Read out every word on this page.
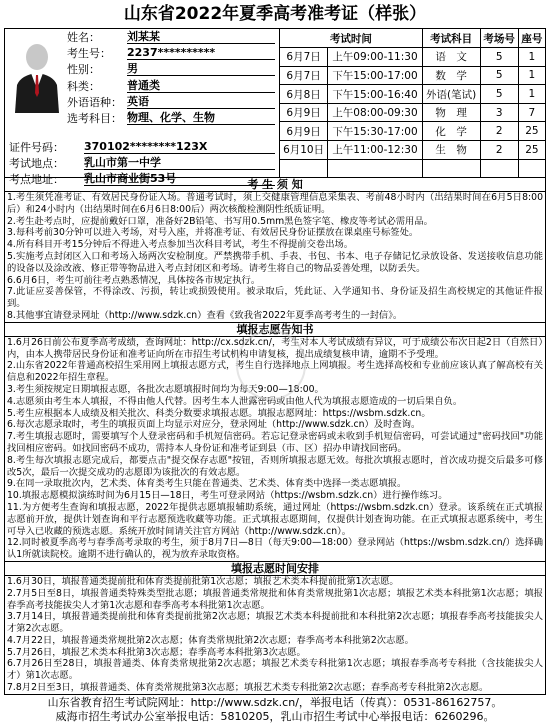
山东省2022年夏季高考准考证（样张）
姓名：	刘某某
考生号：	2237**********
性别：	男
科类：	普通类
外语语种： 英语
选考科目： 物理、化学、生物
证件号码：	370102********123X
考试地点：	乳山市第一中学
考点地址：	乳山市商业街53号
考试时间		考试科目	考场号	座号
6月7日	上午09:00-11:30	语　文	5	1
6月7日	下午15:00-17:00	数　学	5	1
6月8日	下午15:00-16:40	外语(笔试)	5	1
6月9日	上午08:00-09:30	物　理	3	7
6月9日	下午15:30-17:00	化　学	2	25
6月10日	上午11:00-12:30	生　物	2	25

考 生 须 知

1.考生须凭准考证、有效居民身份证入场。普通考试时，须上交健康管理信息采集表、考前48小时内（出结果时间在6月5日8:00后）和24小时内（出结果时间在6月6日8:00后）两次核酸检测阴性纸质证明。

2.考生赴考点时，应提前戴好口罩，准备好2B铅笔、书写用0.5mm黑色签字笔、橡皮等考试必需用品。

3.每科考前30分钟可以进入考场，对号入座，并将准考证、有效居民身份证摆放在课桌座号标签处。

4.所有科目开考15分钟后不得进入考点参加当次科目考试，考生不得提前交卷出场。

5.实施考点封闭区入口和考场入场两次安检制度。严禁携带手机、手表、书包、书本、电子存储记忆录放设备、发送接收信息功能的设备以及涂改液、修正带等物品进入考点封闭区和考场。请考生将自己的物品妥善处理，以防丢失。

6.6月6日，考生可前往考点熟悉情况，具体按各市规定执行。

7.此证应妥善保管，不得涂改、污损，转让或损毁使用。被录取后，凭此证、入学通知书、身份证及招生高校规定的其他证件报到。

8.其他事宜请登录网址（http://www.sdzk.cn）查看《致我省2022年夏季高考考生的一封信》。

填报志愿告知书

1.6月26日前公布夏季高考成绩，查询网址：http://cx.sdzk.cn/，考生对本人考试成绩有异议，可于成绩公布次日起2日（自然日）内，由本人携带居民身份证和准考证向所在市招生考试机构申请复核，提出成绩复核申请，逾期不予受理。

2.山东省2022年普通高校招生采用网上填报志愿方式，考生自行选择地点上网填报。考生选择高校和专业前应该认真了解高校有关信息和2022年招生章程。

3.考生须按规定日期填报志愿，各批次志愿填报时间均为每天9:00—18:00。

4.志愿须由考生本人填报，不得由他人代替。因考生本人泄露密码或由他人代为填报志愿造成的一切后果自负。

5.考生应根据本人成绩及相关批次、科类分数要求填报志愿。填报志愿网址：https://wsbm.sdzk.cn。

6.每次志愿录取时，考生的填报页面上均显示对应分，登录网址（http://www.sdzk.cn）及时查询。

7.考生填报志愿时，需要填写个人登录密码和手机短信密码。若忘记登录密码或未收到手机短信密码，可尝试通过"密码找回"功能找回相应密码。如找回密码不成功，需持本人身份证和准考证到县（市、区）招办申请找回密码。

8.考生每次填报志愿完成后，都要点击"提交保存志愿"按钮，否则所填报志愿无效。每批次填报志愿时，首次成功提交后最多可修改5次，最后一次提交成功的志愿即为该批次的有效志愿。

9.在同一录取批次内，艺术类、体育类考生只能在普通类、艺术类、体育类中选择一类志愿填报。

10.填报志愿模拟演练时间为6月15日—18日，考生可登录网站（https://wsbm.sdzk.cn）进行操作练习。

11.为方便考生查询和填报志愿，2022年提供志愿填报辅助系统，通过网址（https://wsbm.sdzk.cn）登录。该系统在正式填报志愿前开放，提供计划查询和平行志愿预选收藏等功能。正式填报志愿期间，仅提供计划查询功能。在正式填报志愿系统中，考生可导入已收藏的预选志愿。系统开放时间请关注官方网站（http://www.sdzk.cn）。

12.同时被夏季高考与春季高考录取的考生，须于8月7日—8日（每天9:00—18:00）登录网站（https://wsbm.sdzk.cn/）选择确认1所就读院校。逾期不进行确认的，视为放弃录取资格。

填报志愿时间安排

1.6月30日，填报普通类提前批和体育类提前批第1次志愿；填报艺术类本科提前批第1次志愿。

2.7月5日至8日，填报普通类特殊类型批志愿；填报普通类常规批和体育类常规批第1次志愿；填报艺术类本科批第1次志愿；填报春季高考技能拔尖人才第1次志愿和春季高考本科批第1次志愿。

3.7月14日，填报普通类提前批和体育类提前批第2次志愿；填报艺术类本科提前批和本科批第2次志愿；填报春季高考技能拔尖人才第2次志愿。

4.7月22日，填报普通类常规批第2次志愿；体育类常规批第2次志愿；春季高考本科批第2次志愿。

5.7月26日，填报艺术类本科批第3次志愿；春季高考本科批第3次志愿。

6.7月26日至28日，填报普通类、体育类常规批第2次志愿；填报艺术类专科批第1次志愿；填报春季高考专科批（含技能拔尖人才）第1次志愿。

7.8月2日至3日，填报普通类、体育类常规批第3次志愿；填报艺术类专科批第2次志愿；春季高考专科批第2次志愿。

山东省教育招生考试院网址：http://www.sdzk.cn/，举报电话（传真）：0531-86162757。
威海市招生考试办公室举报电话：5810205，乳山市招生考试中心举报电话：6260296。
